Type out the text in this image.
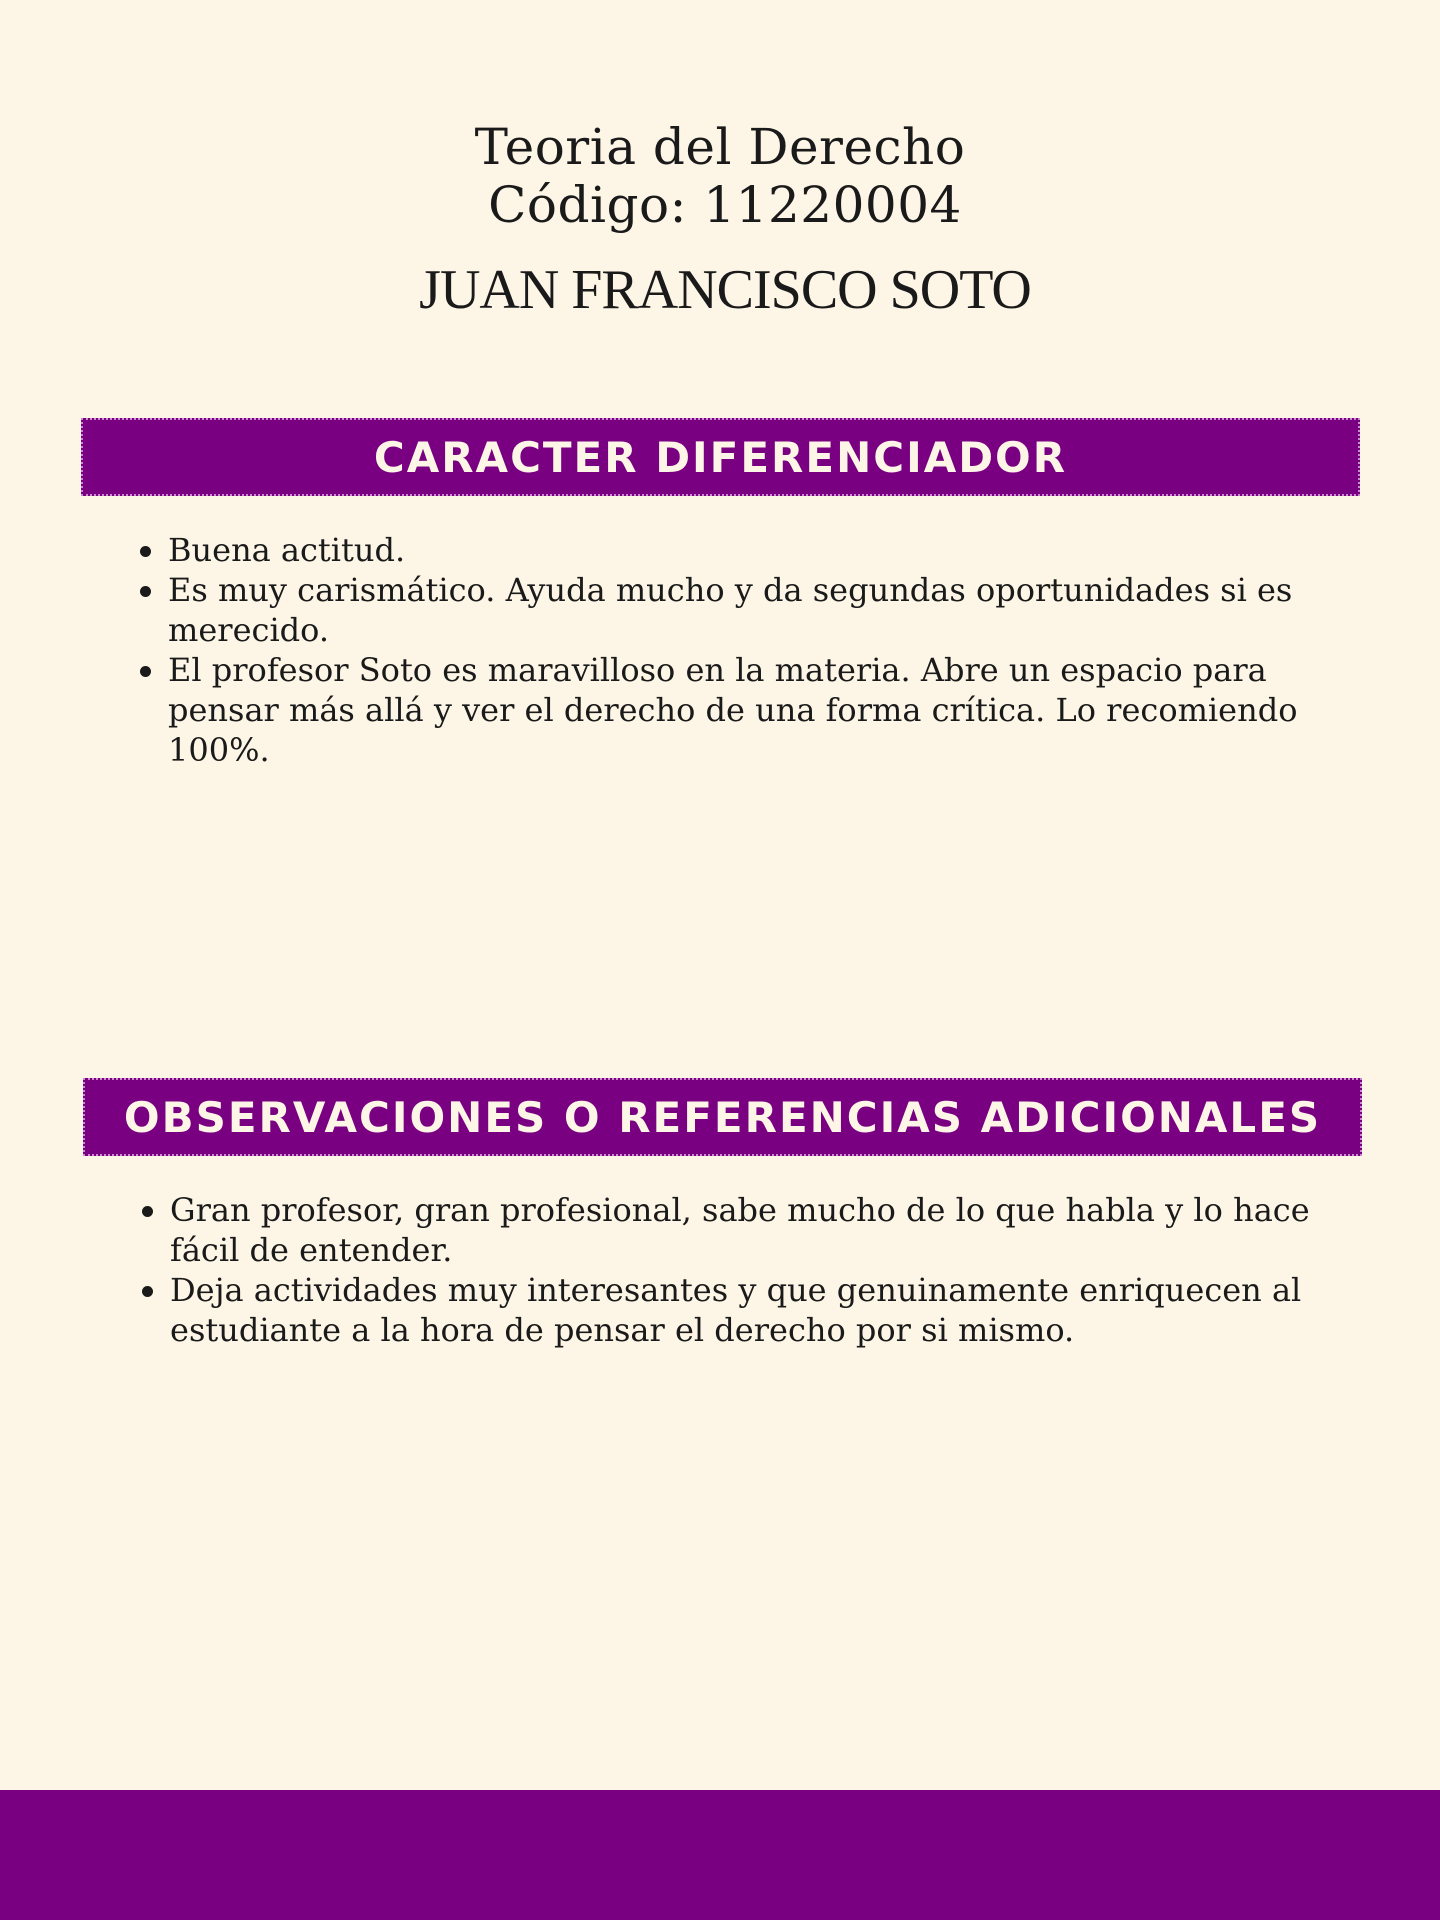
Teoria del Derecho
Código: 11220004
JUAN FRANCISCO SOTO
CARACTER DIFERENCIADOR
Buena actitud.
Es muy carismático. Ayuda mucho y da segundas oportunidades si es merecido.
El profesor Soto es maravilloso en la materia. Abre un espacio para pensar más allá y ver el derecho de una forma crítica. Lo recomiendo 100%.
OBSERVACIONES O REFERENCIAS ADICIONALES
Gran profesor, gran profesional, sabe mucho de lo que habla y lo hace fácil de entender.
Deja actividades muy interesantes y que genuinamente enriquecen al estudiante a la hora de pensar el derecho por si mismo.
